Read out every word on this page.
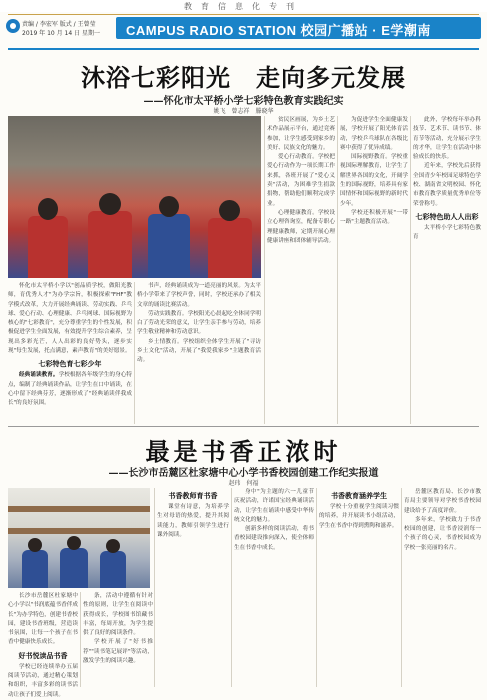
教育信息化专刊
责编 / 李宏军 版式 / 王曾莹
2019 年 10 月 14 日 星期一 CAMPUS RADIO STATION 校园广播站 · E学潮南
沐浴七彩阳光　走向多元发展
——怀化市太平桥小学七彩特色教育实践纪实
姚飞　曾志祥　滕晓华

怀化市太平桥小学以"创品质学校，做阳光教师，育优秀人才"为办学宗旨，积极探索"FHF"教学模式改革，大力开展经典诵读、劳动实践、乒乓球、爱心行动、心理健康、乒乓网球、国际视野为核心的"七彩教育"，充分尊重学生的个性发展，积极促进学生全面发展，有效提升学生综合素养，呈现出多彩光芒，人人出彩的良好势头，逐步实现"每生发展，托点满意，素声教育"的美好愿景。

七彩特色育七彩少年

经典诵读教育。学校根据各年级学生的身心特点，编制了经典诵读作品，让学生在口中诵读，在心中留下经典芬芳，逐渐形成了"经典诵读伴我成长"的良好氛围。

书声，经典诵读成为一道亮丽的风景。为太平桥小学带来了学校声誉，同时，学校还承办了相关文章的诵读比赛活动。

劳动实践教育。学校阳光心晨起吃全体同学明白了劳动光荣的意义，让学生亲手参与劳动，培养学生敬业精神和劳动意识。

乡土情教育。学校组织全体学生开展了"寻访乡土文化"活动，开展了"我爱我家乡"主题教育活动。

贫民区画展，为乡土艺术作品展示平台，通过竞赛参加，让学生感受到家乡的美好、民族文化的魅力。

爱心行动教育。学校把爱心行动作为一项长期工作来抓，各班开展了"爱心义卖"活动，为困难学生捐款捐物，帮助他们顺利完成学业。

心理健康教育。学校设立心理咨询室，配备专职心理健康教师，定期开展心理健康讲座和团体辅导活动。

为促进学生全面健康发展，学校开展了阳光体育活动，学校乒乓球队在各级比赛中获得了优异成绩。

国际视野教育。学校重视国际理解教育，让学生了解世界各国的文化，开阔学生的国际视野，培养具有家国情怀和国际视野的新时代少年。

学校还积极开展"一带一路"主题教育活动。

此外，学校每年举办科技节、艺术节、读书节、体育节等活动，充分展示学生的才华，让学生在活动中体验成长的快乐。

近年来，学校先后获得全国青少年校园足球特色学校、湖南省文明校园、怀化市教育教学质量优秀单位等荣誉称号。

七彩特色助人人出彩

太平桥小学七彩特色教育

最是书香正浓时
——长沙市岳麓区杜家塘中心小学书香校园创建工作纪实报道
赵玮　何福

长沙市岳麓区杜家塘中心小学以"书润底蕴书香伴成长"为办学特色，创建书香校园，建设书香班级，营造读书氛围，让每一个孩子在书香中健康快乐成长。

好书悦读品书香

学校已经连续举办五届阅读节活动，通过精心策划和组织，丰富多彩的读书活动让孩子们爱上阅读。

条，活动中遵循有针对性的原则，让学生在阅读中获得成长，学校图书馆藏书丰富，每周开放，为学生提供了良好的阅读条件。

学校开展了"好书推荐""读书笔记展评"等活动，激发学生的阅读兴趣。

书香教师育书香

课堂有诗意，为培养学生对母语的热爱，提升其阅读能力，教师引领学生进行课外阅读。

身中"为主题的六一儿童节庆祝活动，许诺国宝经典诵读活动，让学生在诵读中感受中华传统文化的魅力。

创新多样的阅读活动，将书香校园建设推向深入，使全体师生在书香中成长。

书香教育涵养学生

学校十分重视学生阅读习惯的培养，并开展读书小组活动，学生在书香中得到熏陶和滋养。

岳麓区教育局、长沙市教育局主要领导对学校书香校园建设给予了高度评价。

多年来，学校致力于书香校园的创建，让书香浸润每一个孩子的心灵，书香校园成为学校一张亮丽的名片。
